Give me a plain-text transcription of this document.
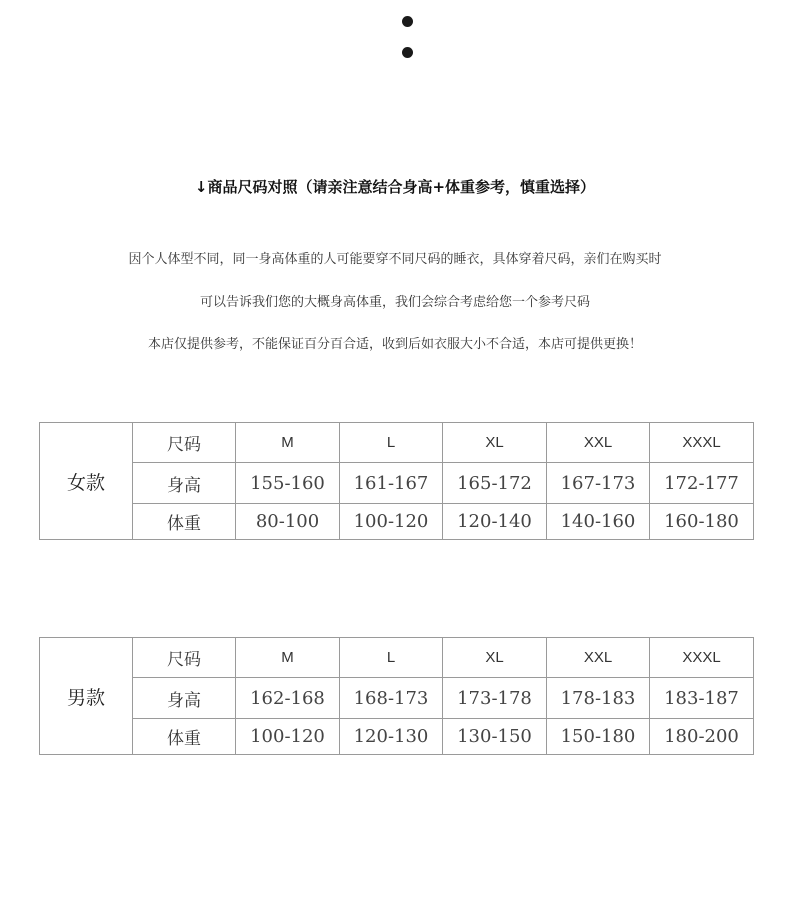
↓商品尺码对照（请亲注意结合身高+体重参考，慎重选择）
因个人体型不同，同一身高体重的人可能要穿不同尺码的睡衣，具体穿着尺码，亲们在购买时
可以告诉我们您的大概身高体重，我们会综合考虑给您一个参考尺码
本店仅提供参考，不能保证百分百合适，收到后如衣服大小不合适，本店可提供更换！
女款	尺码	M	L	XL	XXL	XXXL
	身高	155-160	161-167	165-172	167-173	172-177
	体重	80-100	100-120	120-140	140-160	160-180
男款	尺码	M	L	XL	XXL	XXXL
	身高	162-168	168-173	173-178	178-183	183-187
	体重	100-120	120-130	130-150	150-180	180-200
